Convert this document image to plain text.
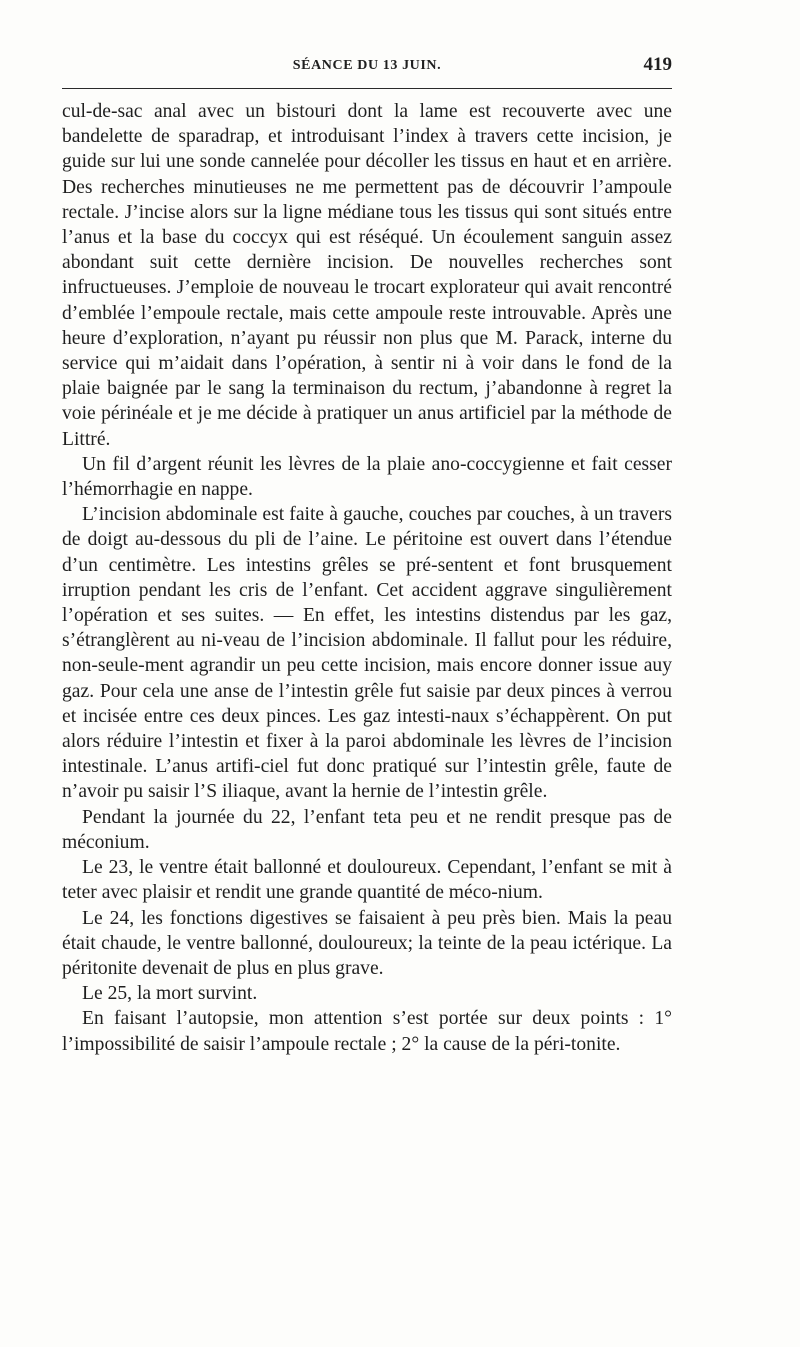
SÉANCE DU 13 JUIN.	419

cul-de-sac anal avec un bistouri dont la lame est recouverte avec une bandelette de sparadrap, et introduisant l’index à travers cette incision, je guide sur lui une sonde cannelée pour décoller les tissus en haut et en arrière. Des recherches minutieuses ne me permettent pas de découvrir l’ampoule rectale. J’incise alors sur la ligne médiane tous les tissus qui sont situés entre l’anus et la base du coccyx qui est réséqué. Un écoulement sanguin assez abondant suit cette dernière incision. De nouvelles recherches sont infructueuses. J’emploie de nouveau le trocart explorateur qui avait rencontré d’emblée l’empoule rectale, mais cette ampoule reste introuvable. Après une heure d’exploration, n’ayant pu réussir non plus que M. Parack, interne du service qui m’aidait dans l’opération, à sentir ni à voir dans le fond de la plaie baignée par le sang la terminaison du rectum, j’abandonne à regret la voie périnéale et je me décide à pratiquer un anus artificiel par la méthode de Littré.

Un fil d’argent réunit les lèvres de la plaie ano-coccygienne et fait cesser l’hémorrhagie en nappe.

L’incision abdominale est faite à gauche, couches par couches, à un travers de doigt au-dessous du pli de l’aine. Le péritoine est ouvert dans l’étendue d’un centimètre. Les intestins grêles se pré-sentent et font brusquement irruption pendant les cris de l’enfant. Cet accident aggrave singulièrement l’opération et ses suites. — En effet, les intestins distendus par les gaz, s’étranglèrent au ni-veau de l’incision abdominale. Il fallut pour les réduire, non-seule-ment agrandir un peu cette incision, mais encore donner issue auy gaz. Pour cela une anse de l’intestin grêle fut saisie par deux pinces à verrou et incisée entre ces deux pinces. Les gaz intesti-naux s’échappèrent. On put alors réduire l’intestin et fixer à la paroi abdominale les lèvres de l’incision intestinale. L’anus artifi-ciel fut donc pratiqué sur l’intestin grêle, faute de n’avoir pu saisir l’S iliaque, avant la hernie de l’intestin grêle.

Pendant la journée du 22, l’enfant teta peu et ne rendit presque pas de méconium.

Le 23, le ventre était ballonné et douloureux. Cependant, l’enfant se mit à teter avec plaisir et rendit une grande quantité de méco-nium.

Le 24, les fonctions digestives se faisaient à peu près bien. Mais la peau était chaude, le ventre ballonné, douloureux; la teinte de la peau ictérique. La péritonite devenait de plus en plus grave.

Le 25, la mort survint.

En faisant l’autopsie, mon attention s’est portée sur deux points : 1° l’impossibilité de saisir l’ampoule rectale ; 2° la cause de la péri-tonite.
